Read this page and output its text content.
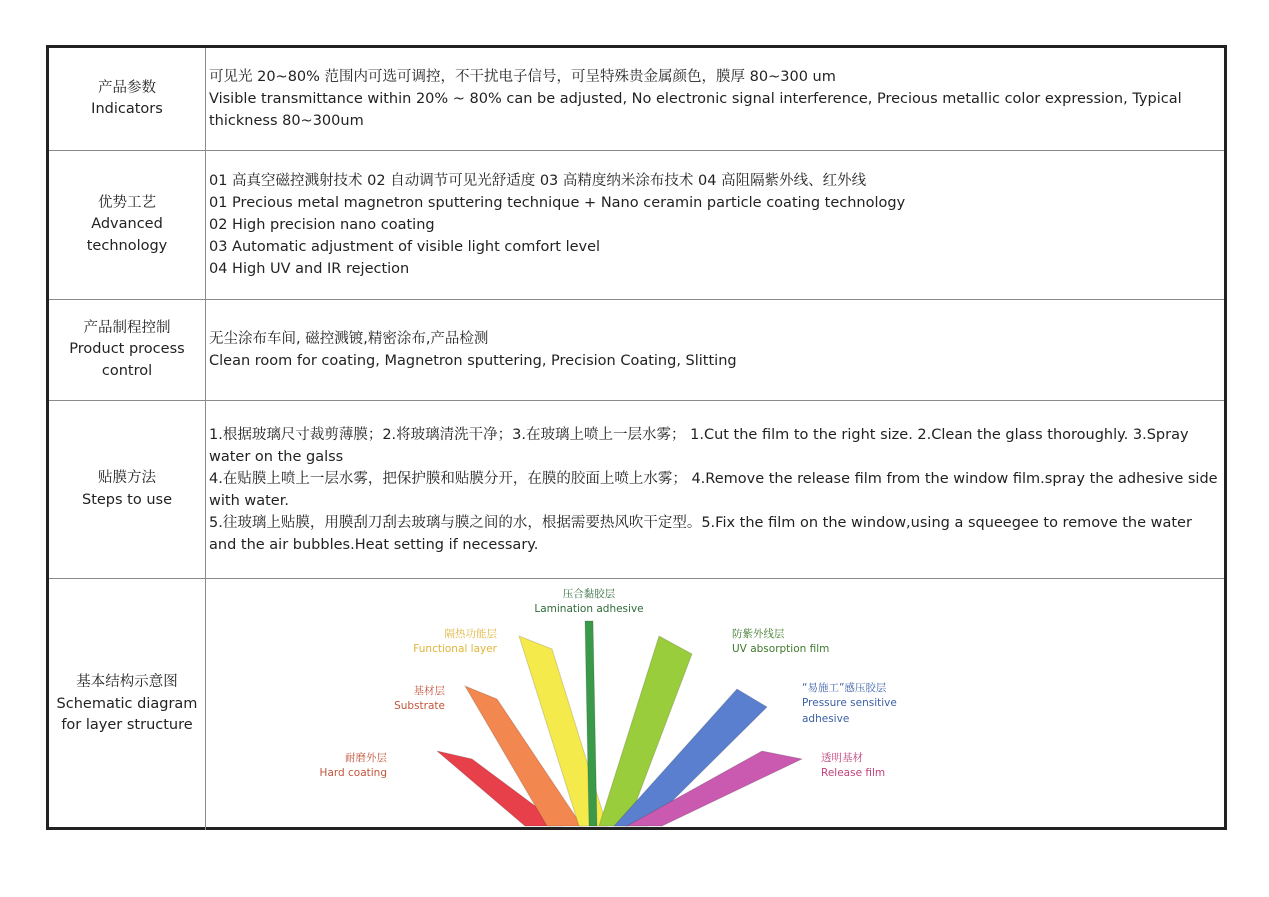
产品参数
Indicators

可见光 20~80% 范围内可选可调控，不干扰电子信号，可呈特殊贵金属颜色，膜厚 80~300 um

Visible transmittance within 20% ~ 80% can be adjusted, No electronic signal interference, Precious metallic color expression, Typical thickness 80~300um

优势工艺
Advanced
technology

01 高真空磁控溅射技术 02 自动调节可见光舒适度 03 高精度纳米涂布技术 04 高阻隔紫外线、红外线

01 Precious metal magnetron sputtering technique + Nano ceramin particle coating technology

02 High precision nano coating

03 Automatic adjustment of visible light comfort level

04 High UV and IR rejection

产品制程控制
Product process
control

无尘涂布车间, 磁控溅镀,精密涂布,产品检测

Clean room for coating, Magnetron sputtering, Precision Coating, Slitting

贴膜方法
Steps to use

1.根据玻璃尺寸裁剪薄膜；2.将玻璃清洗干净；3.在玻璃上喷上一层水雾； 1.Cut the film to the right size. 2.Clean the glass thoroughly. 3.Spray water on the galss

4.在贴膜上喷上一层水雾，把保护膜和贴膜分开，在膜的胶面上喷上水雾； 4.Remove the release film from the window film.spray the adhesive side with water.

5.往玻璃上贴膜，用膜刮刀刮去玻璃与膜之间的水，根据需要热风吹干定型。5.Fix the film on the window,using a squeegee to remove the water and the air bubbles.Heat setting if necessary.

基本结构示意图
Schematic diagram
for layer structure
耐磨外层
Hard coating
基材层
Substrate
隔热功能层
Functional layer
压合黏胶层
Lamination adhesive
防紫外线层
UV absorption film
“易施工”感压胶层
Pressure sensitive
adhesive
透明基材
Release film
